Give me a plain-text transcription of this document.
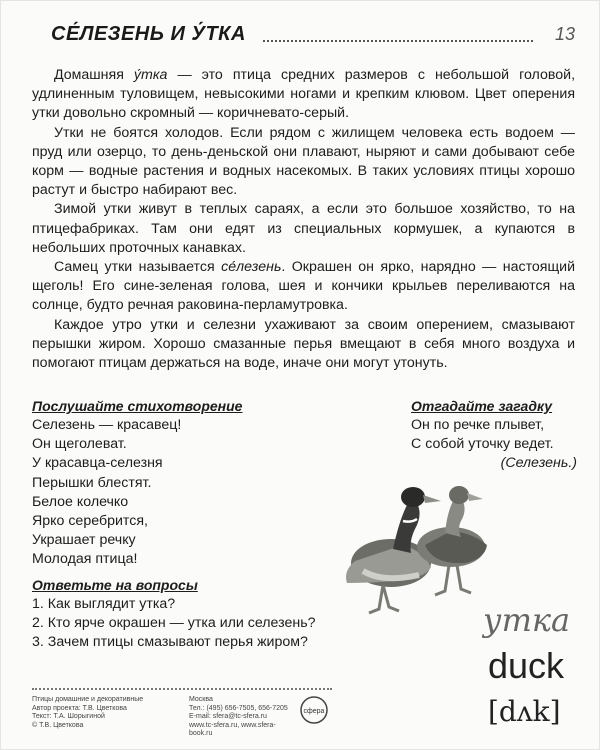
СЕ́ЛЕЗЕНЬ И У́ТКА	13

Домашняя у́тка — это птица средних размеров с небольшой головой, удлиненным туловищем, невысокими ногами и крепким клювом. Цвет оперения утки довольно скромный — коричневато-серый.

Утки не боятся холодов. Если рядом с жилищем человека есть водоем — пруд или озерцо, то день-деньской они плавают, ныряют и сами добывают себе корм — водные растения и водных насекомых. В таких условиях птицы хорошо растут и быстро набирают вес.

Зимой утки живут в теплых сараях, а если это большое хозяйство, то на птицефабриках. Там они едят из специальных кормушек, а купаются в небольших проточных канавках.

Самец утки называется се́лезень. Окрашен он ярко, нарядно — настоящий щеголь! Его сине-зеленая голова, шея и кончики крыльев переливаются на солнце, будто речная раковина-перламутровка.

Каждое утро утки и селезни ухаживают за своим оперением, смазывают перышки жиром. Хорошо смазанные перья вмещают в себя много воздуха и помогают птицам держаться на воде, иначе они могут утонуть.

Послушайте стихотворение
Селезень — красавец!
Он щеголеват.
У красавца-селезня
Перышки блестят.
Белое колечко
Ярко серебрится,
Украшает речку
Молодая птица!
Ответьте на вопросы
1. Как выглядит утка?
2. Кто ярче окрашен — утка или селезень?
3. Зачем птицы смазывают перья жиром?
Отгадайте загадку
Он по речке плывет,
С собой уточку ведет.
(Селезень.)
утка
duck
[dʌk]
Птицы домашние и декоративные
Автор проекта: Т.В. Цветкова
Текст: Т.А. Шорыгиной
© Т.В. Цветкова
Москва
Тел.: (495) 656-7505, 656-7205
E-mail: sfera@tc-sfera.ru
www.tc-sfera.ru, www.sfera-book.ru
сфера
